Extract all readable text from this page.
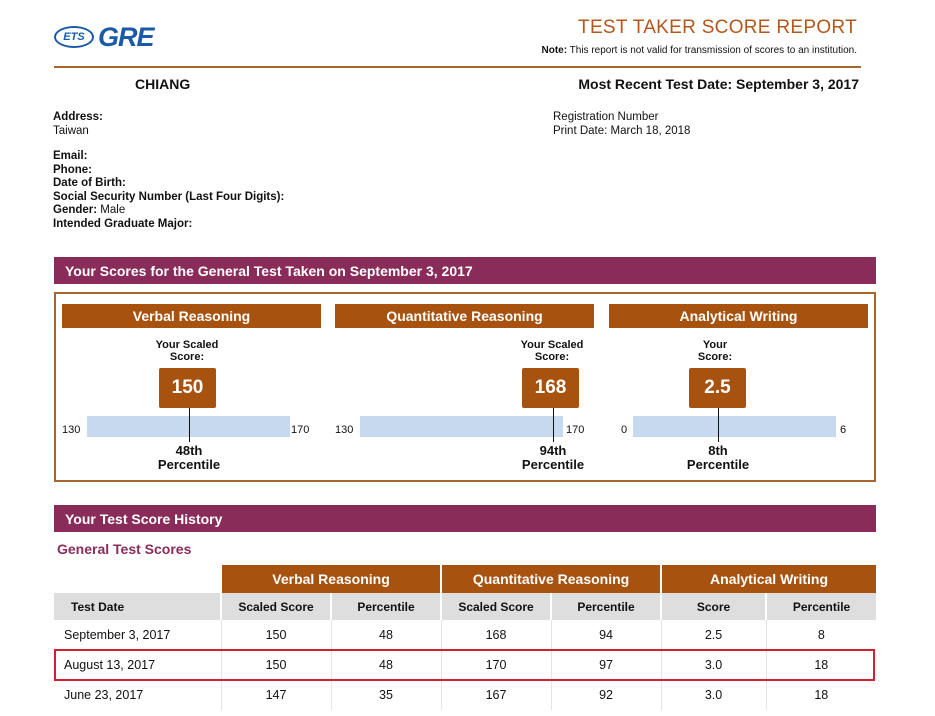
ETS GRE	TEST TAKER SCORE REPORT
Note: This report is not valid for transmission of scores to an institution.
CHIANG	Most Recent Test Date: September 3, 2017
Address:
Taiwan
Registration Number
Print Date: March 18, 2018
Email:
Phone:
Date of Birth:
Social Security Number (Last Four Digits):
Gender: Male
Intended Graduate Major:
Your Scores for the General Test Taken on September 3, 2017
Verbal Reasoning
Your Scaled
Score:
150
130	170
48th
Percentile
Quantitative Reasoning
Your Scaled
Score:
168
130	170
94th
Percentile
Analytical Writing
Your
Score:
2.5
0	6
8th
Percentile
Your Test Score History
General Test Scores
	Verbal Reasoning		Quantitative Reasoning		Analytical Writing	
Test Date	Scaled Score	Percentile	Scaled Score	Percentile	Score	Percentile
September 3, 2017	150	48	168	94	2.5	8
August 13, 2017	150	48	170	97	3.0	18
June 23, 2017	147	35	167	92	3.0	18
